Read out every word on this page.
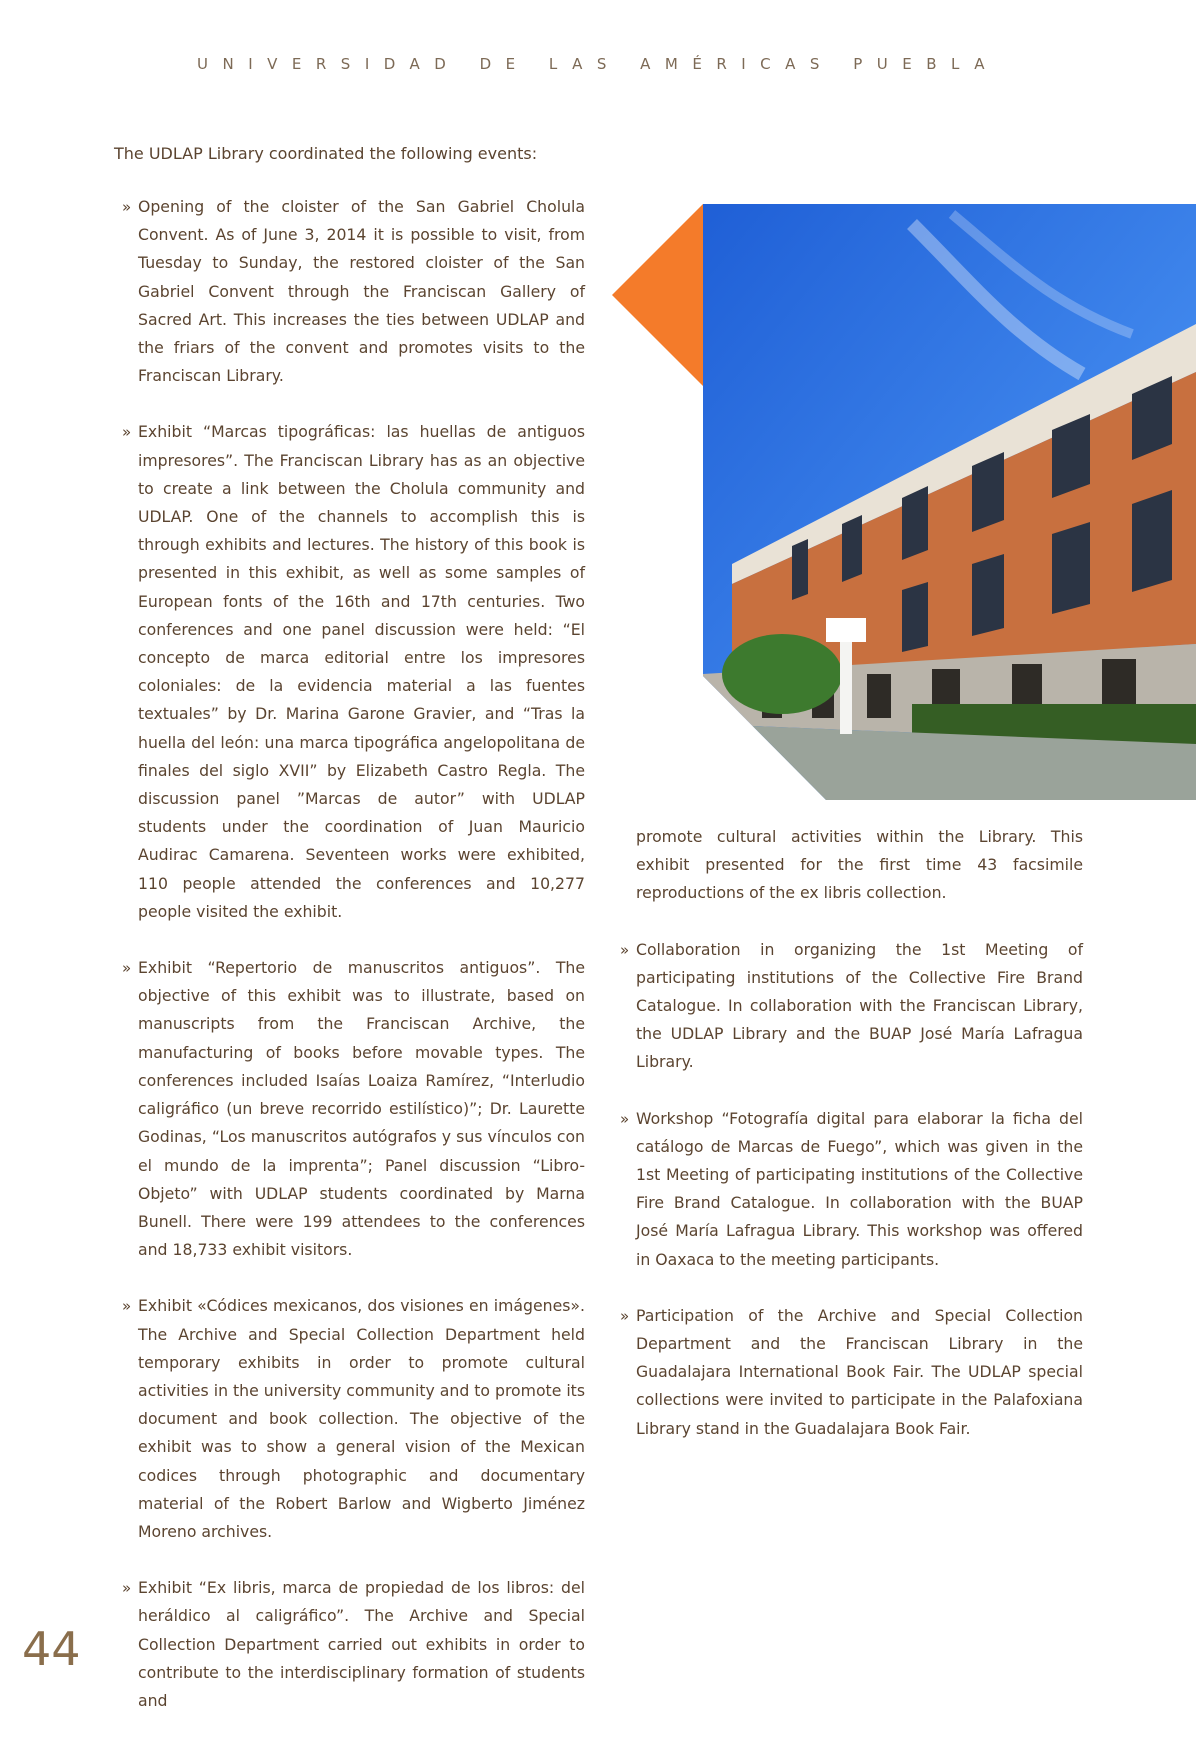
UNIVERSIDAD DE LAS AMÉRICAS PUEBLA
The UDLAP Library coordinated the following events:
» Opening of the cloister of the San Gabriel Cholula Convent. As of June 3, 2014 it is possible to visit, from Tuesday to Sunday, the restored cloister of the San Gabriel Convent through the Franciscan Gallery of Sacred Art. This increases the ties between UDLAP and the friars of the convent and promotes visits to the Franciscan Library.
» Exhibit “Marcas tipográficas: las huellas de antiguos impresores”. The Franciscan Library has as an objective to create a link between the Cholula community and UDLAP. One of the channels to accomplish this is through exhibits and lectures. The history of this book is presented in this exhibit, as well as some samples of European fonts of the 16th and 17th centuries. Two conferences and one panel discussion were held: “El concepto de marca editorial entre los impresores coloniales: de la evidencia material a las fuentes textuales” by Dr. Marina Garone Gravier, and “Tras la huella del león: una marca tipográfica angelopolitana de finales del siglo XVII” by Elizabeth Castro Regla. The discussion panel ”Marcas de autor” with UDLAP students under the coordination of Juan Mauricio Audirac Camarena. Seventeen works were exhibited, 110 people attended the conferences and 10,277 people visited the exhibit.
» Exhibit “Repertorio de manuscritos antiguos”. The objective of this exhibit was to illustrate, based on manuscripts from the Franciscan Archive, the manufacturing of books before movable types. The conferences included Isaías Loaiza Ramírez, “Interludio caligráfico (un breve recorrido estilístico)”; Dr. Laurette Godinas, “Los manuscritos autógrafos y sus vínculos con el mundo de la imprenta”; Panel discussion “Libro-Objeto” with UDLAP students coordinated by Marna Bunell. There were 199 attendees to the conferences and 18,733 exhibit visitors.
» Exhibit «Códices mexicanos, dos visiones en imágenes». The Archive and Special Collection Department held temporary exhibits in order to promote cultural activities in the university community and to promote its document and book collection. The objective of the exhibit was to show a general vision of the Mexican codices through photographic and documentary material of the Robert Barlow and Wigberto Jiménez Moreno archives.
» Exhibit “Ex libris, marca de propiedad de los libros: del heráldico al caligráfico”. The Archive and Special Collection Department carried out exhibits in order to contribute to the interdisciplinary formation of students and
promote cultural activities within the Library. This exhibit presented for the first time 43 facsimile reproductions of the ex libris collection.
» Collaboration in organizing the 1st Meeting of participating institutions of the Collective Fire Brand Catalogue. In collaboration with the Franciscan Library, the UDLAP Library and the BUAP José María Lafragua Library.
» Workshop “Fotografía digital para elaborar la ficha del catálogo de Marcas de Fuego”, which was given in the 1st Meeting of participating institutions of the Collective Fire Brand Catalogue. In collaboration with the BUAP José María Lafragua Library. This workshop was offered in Oaxaca to the meeting participants.
» Participation of the Archive and Special Collection Department and the Franciscan Library in the Guadalajara International Book Fair. The UDLAP special collections were invited to participate in the Palafoxiana Library stand in the Guadalajara Book Fair.
44
